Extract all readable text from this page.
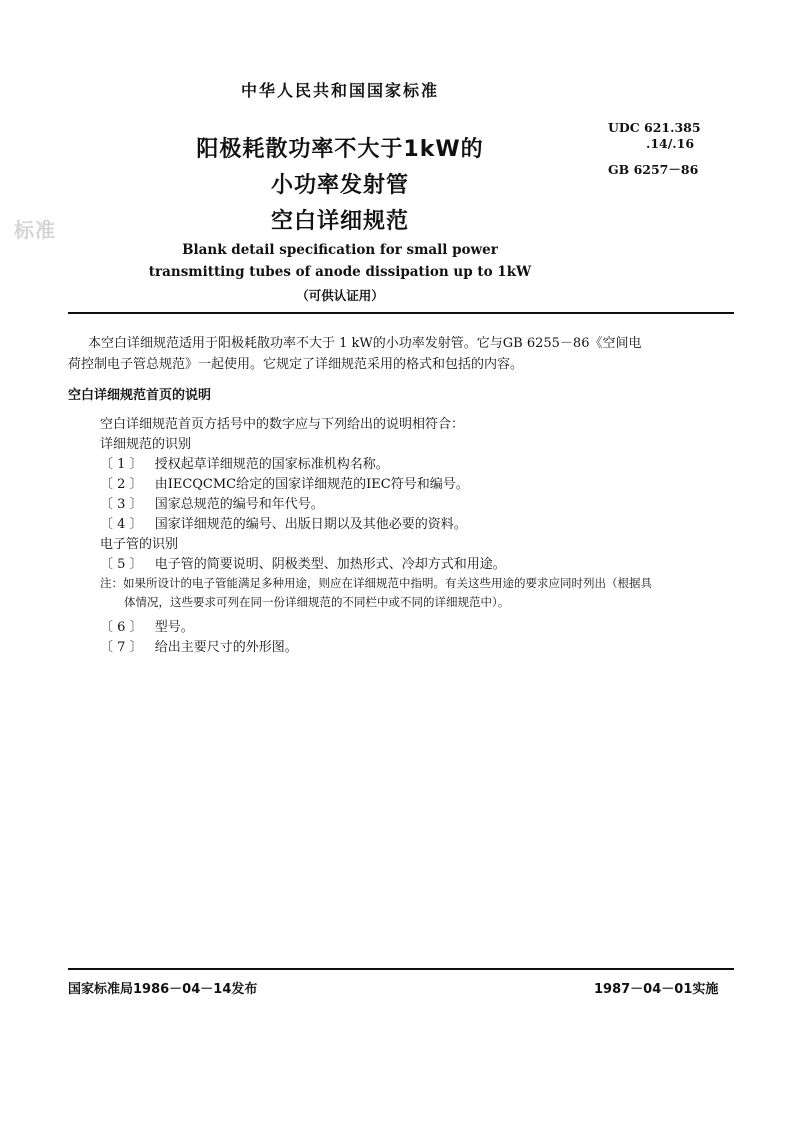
中华人民共和国国家标准
UDC 621.385
.14/.16
GB 6257－86
标准
阳极耗散功率不大于1kW的
小功率发射管
空白详细规范
Blank detail specification for small power
transmitting tubes of anode dissipation up to 1kW
（可供认证用）
本空白详细规范适用于阳极耗散功率不大于 1 kW的小功率发射管。它与GB 6255－86《空间电
荷控制电子管总规范》一起使用。它规定了详细规范采用的格式和包括的内容。
空白详细规范首页的说明
空白详细规范首页方括号中的数字应与下列给出的说明相符合：
详细规范的识别
〔 1 〕 授权起草详细规范的国家标准机构名称。
〔 2 〕 由IECQCMC给定的国家详细规范的IEC符号和编号。
〔 3 〕 国家总规范的编号和年代号。
〔 4 〕 国家详细规范的编号、出版日期以及其他必要的资料。
电子管的识别
〔 5 〕 电子管的简要说明、阴极类型、加热形式、冷却方式和用途。
注：如果所设计的电子管能满足多种用途，则应在详细规范中指明。有关这些用途的要求应同时列出（根据具
体情况，这些要求可列在同一份详细规范的不同栏中或不同的详细规范中）。
〔 6 〕 型号。
〔 7 〕 给出主要尺寸的外形图。
国家标准局1986－04－14发布	1987－04－01实施
